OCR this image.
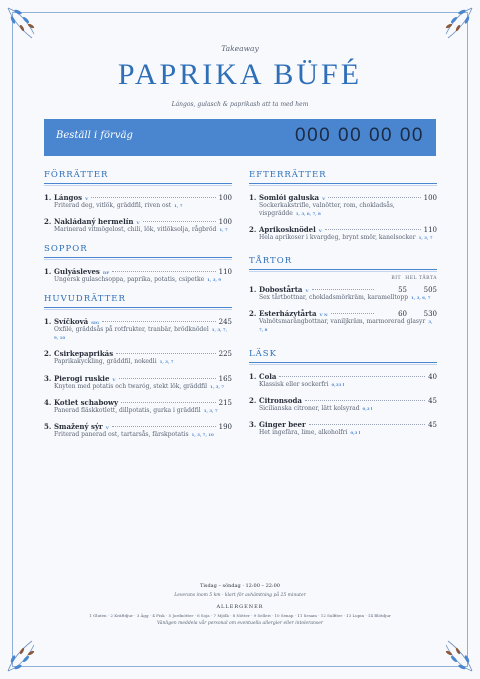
Takeaway
PAPRIKA BÜFÉ
Lángos, gulasch & paprikash att ta med hem
Beställ i förväg	000 00 00 00
FÖRRÄTTER
1. Lángos V	100
Friterad deg, vitlök, gräddfil, riven ost 1, 7
2. Nakládaný hermelín V	100
Marinerad vitmögelost, chili, lök, vitlöksolja, rågbröd 1, 7
SOPPOR
1. Gulyásleves DF	110
Ungersk gulaschsoppa, paprika, potatis, csipetke 1, 3, 9
HUVUDRÄTTER
1. Svíčková SIG	245
Oxfilé, gräddsås på rotfrukter, tranbär, brödknödel 1, 3, 7, 9, 10
2. Csirkepaprikás	225
Paprikakyckling, gräddfil, nokedli 1, 3, 7
3. Pierogi ruskie V	165
Knyten med potatis och twaróg, stekt lök, gräddfil 1, 3, 7
4. Kotlet schabowy	215
Panerad fläskkotlett, dillpotatis, gurka i gräddfil 1, 3, 7
5. Smažený sýr V	190
Friterad panerad ost, tartarsås, färskpotatis 1, 3, 7, 10
EFTERRÄTTER
1. Somlói galuska V	100
Sockerkakstrifle, valnötter, rom, chokladsås, vispgrädde 1, 3, 6, 7, 8
2. Aprikosknödel V	110
Hela aprikoser i kvargdeg, brynt smör, kanelsocker 1, 3, 7
TÅRTOR
BIT HEL TÅRTA
1. Dobostårta V	55	505
Sex tårtbottnar, chokladsmörkräm, karamelltopp 1, 3, 6, 7
2. Esterházytårta V N	60	530
Valnötsmarängbottnar, vaniljkräm, marmorerad glasyr 3, 7, 8
LÄSK
1. Cola	40
Klassisk eller sockerfri 0,33 l
2. Citronsoda	45
Sicilianska citroner, lätt kolsyrad 0,3 l
3. Ginger beer	45
Het ingefära, lime, alkoholfri 0,3 l
Tisdag – söndag · 12:00 – 22:00
Leverans inom 5 km · klart för avhämtning på 25 minuter
ALLERGENER
1 Gluten · 2 Kräftdjur · 3 Ägg · 4 Fisk · 5 Jordnötter · 6 Soja · 7 Mjölk · 8 Nötter · 9 Selleri · 10 Senap · 11 Sesam · 12 Sulfiter · 13 Lupin · 14 Blötdjur
Vänligen meddela vår personal om eventuella allergier eller intoleranser
